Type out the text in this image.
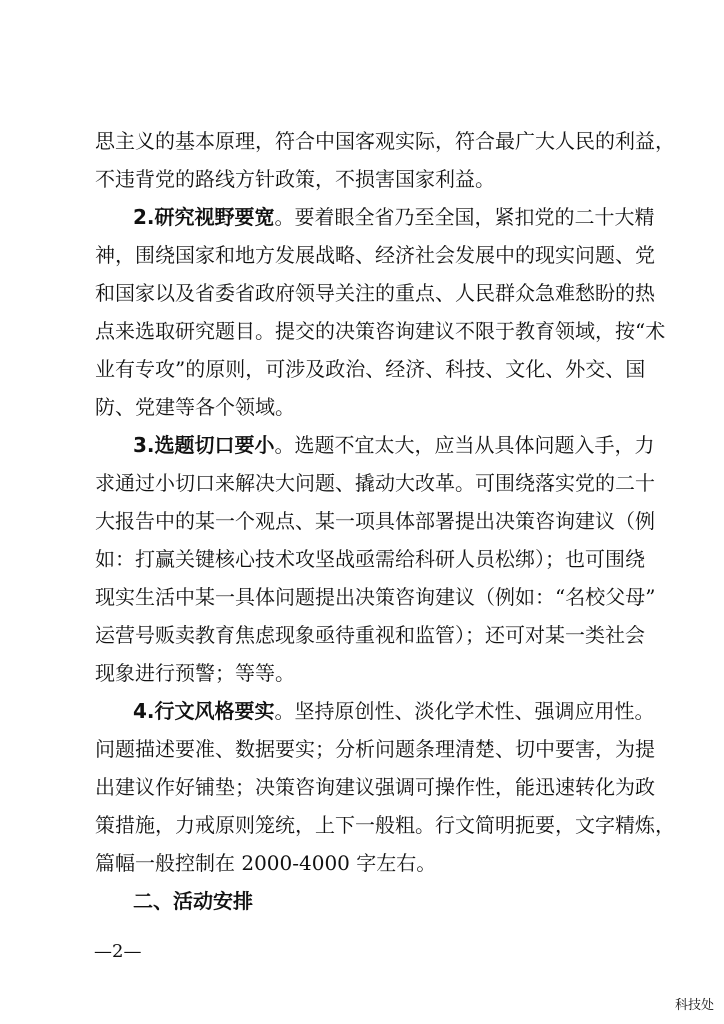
思主义的基本原理，符合中国客观实际，符合最广大人民的利益，
不违背党的路线方针政策，不损害国家利益。
2.研究视野要宽。要着眼全省乃至全国，紧扣党的二十大精
神，围绕国家和地方发展战略、经济社会发展中的现实问题、党
和国家以及省委省政府领导关注的重点、人民群众急难愁盼的热
点来选取研究题目。提交的决策咨询建议不限于教育领域，按“术
业有专攻”的原则，可涉及政治、经济、科技、文化、外交、国
防、党建等各个领域。
3.选题切口要小。选题不宜太大，应当从具体问题入手，力
求通过小切口来解决大问题、撬动大改革。可围绕落实党的二十
大报告中的某一个观点、某一项具体部署提出决策咨询建议（例
如：打赢关键核心技术攻坚战亟需给科研人员松绑）；也可围绕
现实生活中某一具体问题提出决策咨询建议（例如：“名校父母”
运营号贩卖教育焦虑现象亟待重视和监管）；还可对某一类社会
现象进行预警；等等。
4.行文风格要实。坚持原创性、淡化学术性、强调应用性。
问题描述要准、数据要实；分析问题条理清楚、切中要害，为提
出建议作好铺垫；决策咨询建议强调可操作性，能迅速转化为政
策措施，力戒原则笼统，上下一般粗。行文简明扼要，文字精炼，
篇幅一般控制在 2000-4000 字左右。
二、活动安排
—2—
科技处
